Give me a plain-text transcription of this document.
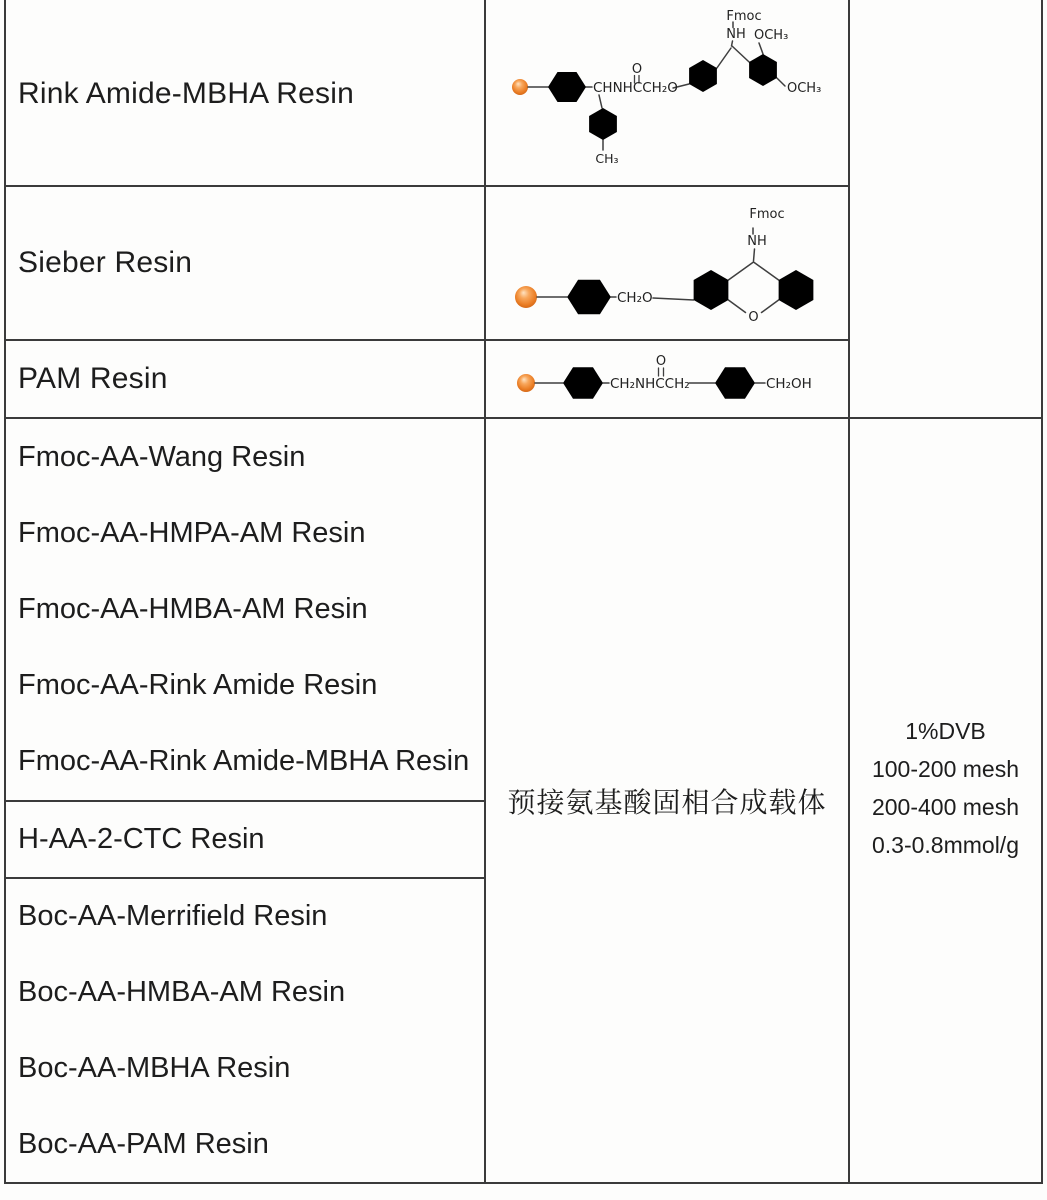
Rink Amide-MBHA Resin
Sieber Resin
PAM Resin
Fmoc-AA-Wang Resin
Fmoc-AA-HMPA-AM Resin
Fmoc-AA-HMBA-AM Resin
Fmoc-AA-Rink Amide Resin
Fmoc-AA-Rink Amide-MBHA Resin
H-AA-2-CTC Resin
Boc-AA-Merrifield Resin
Boc-AA-HMBA-AM Resin
Boc-AA-MBHA Resin
Boc-AA-PAM Resin
CHNHCCH₂O
O
CH₃
NH
Fmoc
OCH₃
OCH₃
CH₂O
O
NH
Fmoc
CH₂NHCCH₂
O
CH₂OH
预接氨基酸固相合成载体
1%DVB
100-200 mesh
200-400 mesh
0.3-0.8mmol/g
